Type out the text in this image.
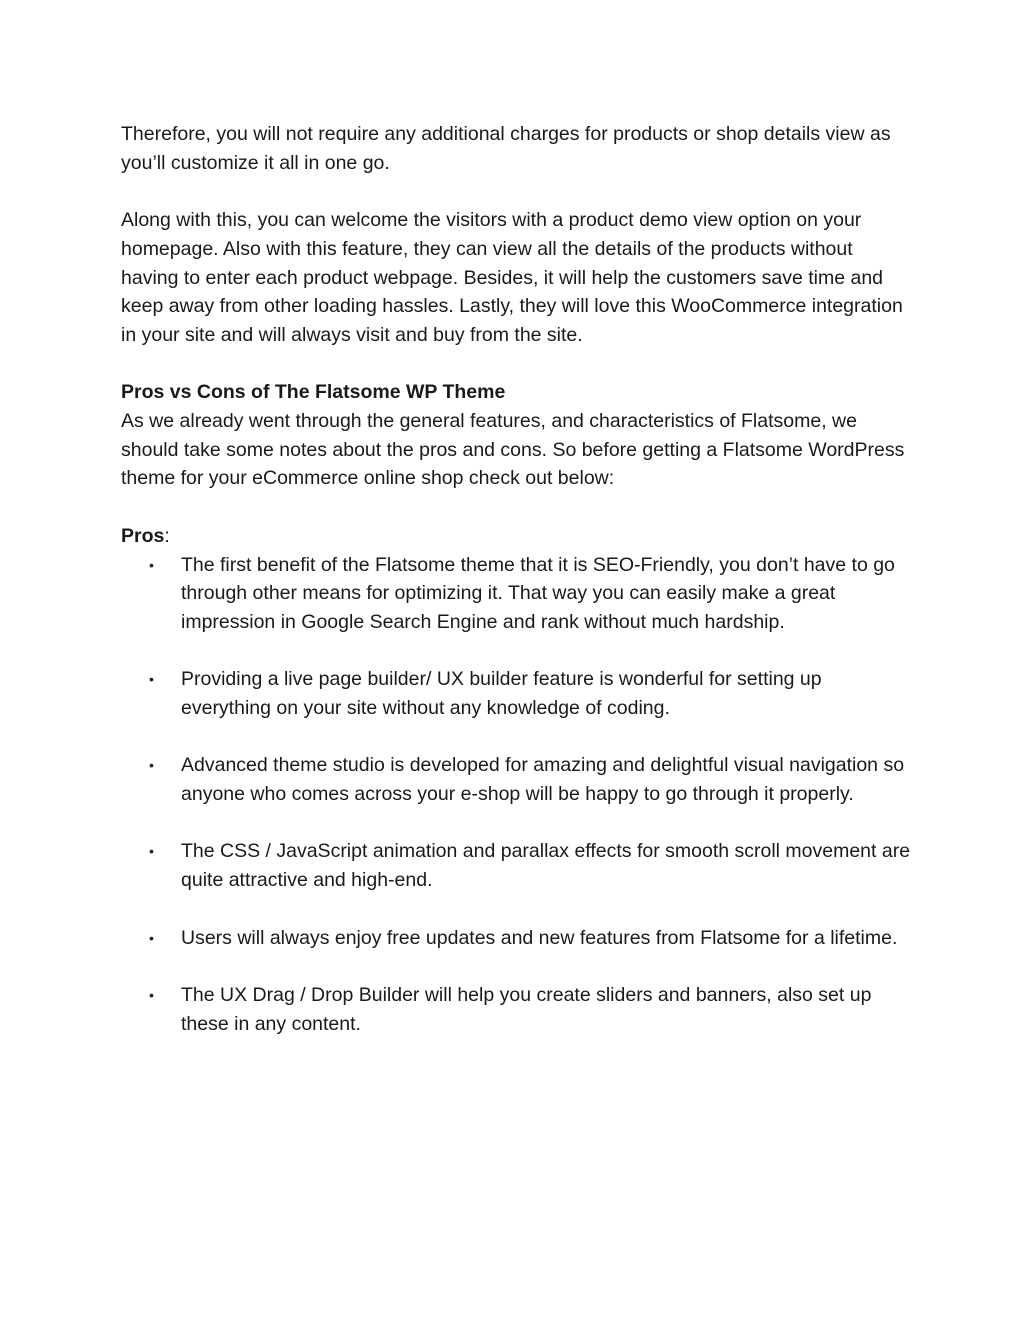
Therefore, you will not require any additional charges for products or shop details view as you’ll customize it all in one go.

Along with this, you can welcome the visitors with a product demo view option on your homepage. Also with this feature, they can view all the details of the products without having to enter each product webpage. Besides, it will help the customers save time and keep away from other loading hassles. Lastly, they will love this WooCommerce integration in your site and will always visit and buy from the site.

Pros vs Cons of The Flatsome WP Theme

As we already went through the general features, and characteristics of Flatsome, we should take some notes about the pros and cons. So before getting a Flatsome WordPress theme for your eCommerce online shop check out below:

Pros:
• The first benefit of the Flatsome theme that it is SEO-Friendly, you don’t have to go through other means for optimizing it. That way you can easily make a great impression in Google Search Engine and rank without much hardship.
• Providing a live page builder/ UX builder feature is wonderful for setting up everything on your site without any knowledge of coding.
• Advanced theme studio is developed for amazing and delightful visual navigation so anyone who comes across your e-shop will be happy to go through it properly.
• The CSS / JavaScript animation and parallax effects for smooth scroll movement are quite attractive and high-end.
• Users will always enjoy free updates and new features from Flatsome for a lifetime.
• The UX Drag / Drop Builder will help you create sliders and banners, also set up these in any content.
